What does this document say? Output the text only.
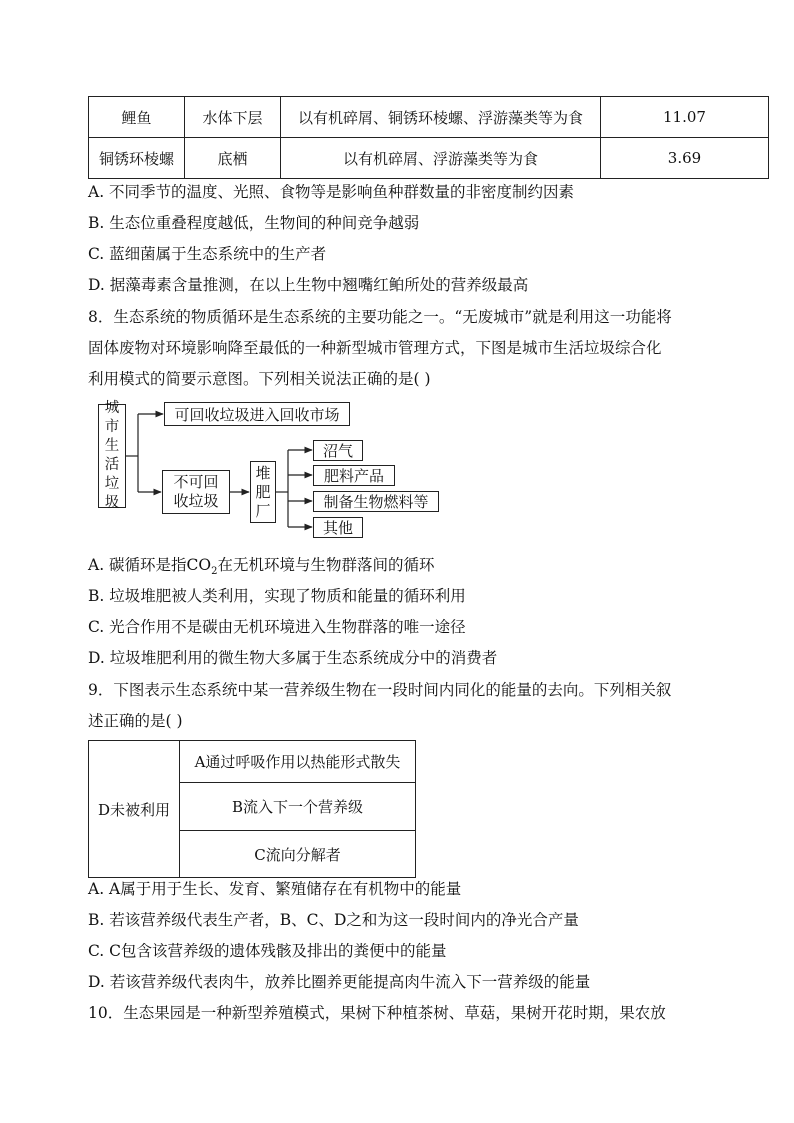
鲤鱼	水体下层	以有机碎屑、铜锈环棱螺、浮游藻类等为食	11.07
铜锈环棱螺	底栖	以有机碎屑、浮游藻类等为食	3.69
A. 不同季节的温度、光照、食物等是影响鱼种群数量的非密度制约因素
B. 生态位重叠程度越低，生物间的种间竞争越弱
C. 蓝细菌属于生态系统中的生产者
D. 据藻毒素含量推测，在以上生物中翘嘴红鲌所处的营养级最高
8．生态系统的物质循环是生态系统的主要功能之一。“无废城市”就是利用这一功能将
固体废物对环境影响降至最低的一种新型城市管理方式，下图是城市生活垃圾综合化
利用模式的简要示意图。下列相关说法正确的是( )
城
市
生
活
垃
圾
可回收垃圾进入回收市场
不可回
收垃圾
堆
肥
厂
沼气
肥料产品
制备生物燃料等
其他
A. 碳循环是指$CO_2$在无机环境与生物群落间的循环
B. 垃圾堆肥被人类利用，实现了物质和能量的循环利用
C. 光合作用不是碳由无机环境进入生物群落的唯一途径
D. 垃圾堆肥利用的微生物大多属于生态系统成分中的消费者
9．下图表示生态系统中某一营养级生物在一段时间内同化的能量的去向。下列相关叙
述正确的是( )
D未被利用	A通过呼吸作用以热能形式散失
B流入下一个营养级
C流向分解者
A. A属于用于生长、发育、繁殖储存在有机物中的能量
B. 若该营养级代表生产者，B、C、D之和为这一段时间内的净光合产量
C. C包含该营养级的遗体残骸及排出的粪便中的能量
D. 若该营养级代表肉牛，放养比圈养更能提高肉牛流入下一营养级的能量
10．生态果园是一种新型养殖模式，果树下种植茶树、草菇，果树开花时期，果农放
